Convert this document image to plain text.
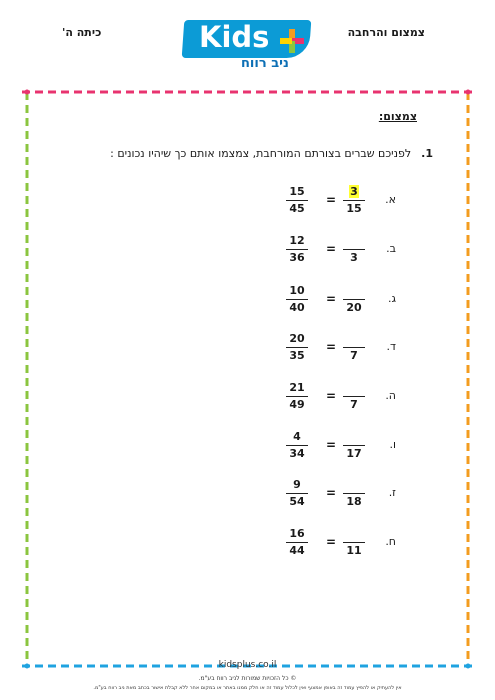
כיתה ה'	צמצום והרחבה
Kids
ניב רווח
צמצום:
1.לפניכם שברים בצורתם המורחבת, צמצמו אותם כך שיהיו נכונים :
15
45
=
3
15
א.
12
36
=
3
ב.
10
40
=
20
ג.
20
35
=
7
ד.
21
49
=
7
ה.
4
34
=
17
ו.
9
54
=
18
ז.
16
44
=
11
ח.
kidsplus.co.il
© כל הזכויות שמורות לניב רווח בע"מ.
אין להעתיק או להפיץ עמוד זה באופן אמצעי ואין לכלול עמוד זה או חלק ממנו באתר או במקום אחר ללא קבלת אישור בכתב מאת ניב רווח בע"מ.
